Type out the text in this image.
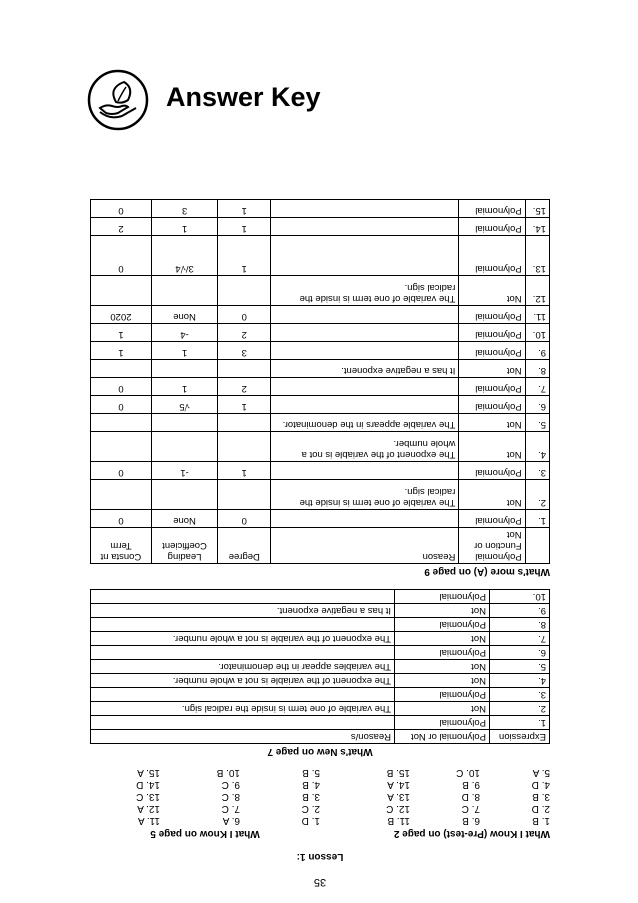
Answer Key
35
Lesson 1:
What I Know (Pre-test) on page 2
1. B
6. B
11. B
2. D
7. C
12. C
3. B
8. D
13. A
4. D
9. B
14. A
5. A
10. C
15. B
What I Know on page 5
1. D
6. A
11. A
2. C
7. C
12. A
3. B
8. C
13. C
4. B
9. C
14. D
5. B
10. B
15. A
What's New on page 7
Expression	Polynomial or Not	Reason/s
1.	Polynomial	
2.	Not	The variable of one term is inside the radical sign.
3.	Polynomial	
4.	Not	The exponent of the variable is not a whole number.
5.	Not	The variables appear in the denominator.
6.	Polynomial	
7.	Not	The exponent of the variable is not a whole number.
8.	Polynomial	
9.	Not	It has a negative exponent.
10.	Polynomial	
What's more (A) on page 9
	Polynomial Function or Not	Reason	Degree	Leading Coefficient	Consta nt Term
1.	Polynomial		0	None	0
2.	Not	The variable of one term is inside the radical sign.			
3.	Polynomial		1	-1	0
4.	Not	The exponent of the variable is not a whole number.			
5.	Not	The variable appears in the denominator.			
6.	Polynomial		1	√5	0
7.	Polynomial		2	1	0
8.	Not	It has a negative exponent.			
9.	Polynomial		3	1	1
10.	Polynomial		2	-4	1
11.	Polynomial		0	None	2020
12.	Not	The variable of one term is inside the radical sign.			
13.	Polynomial		1	3/√4	0
14.	Polynomial		1	1	2
15.	Polynomial		1	3	0
